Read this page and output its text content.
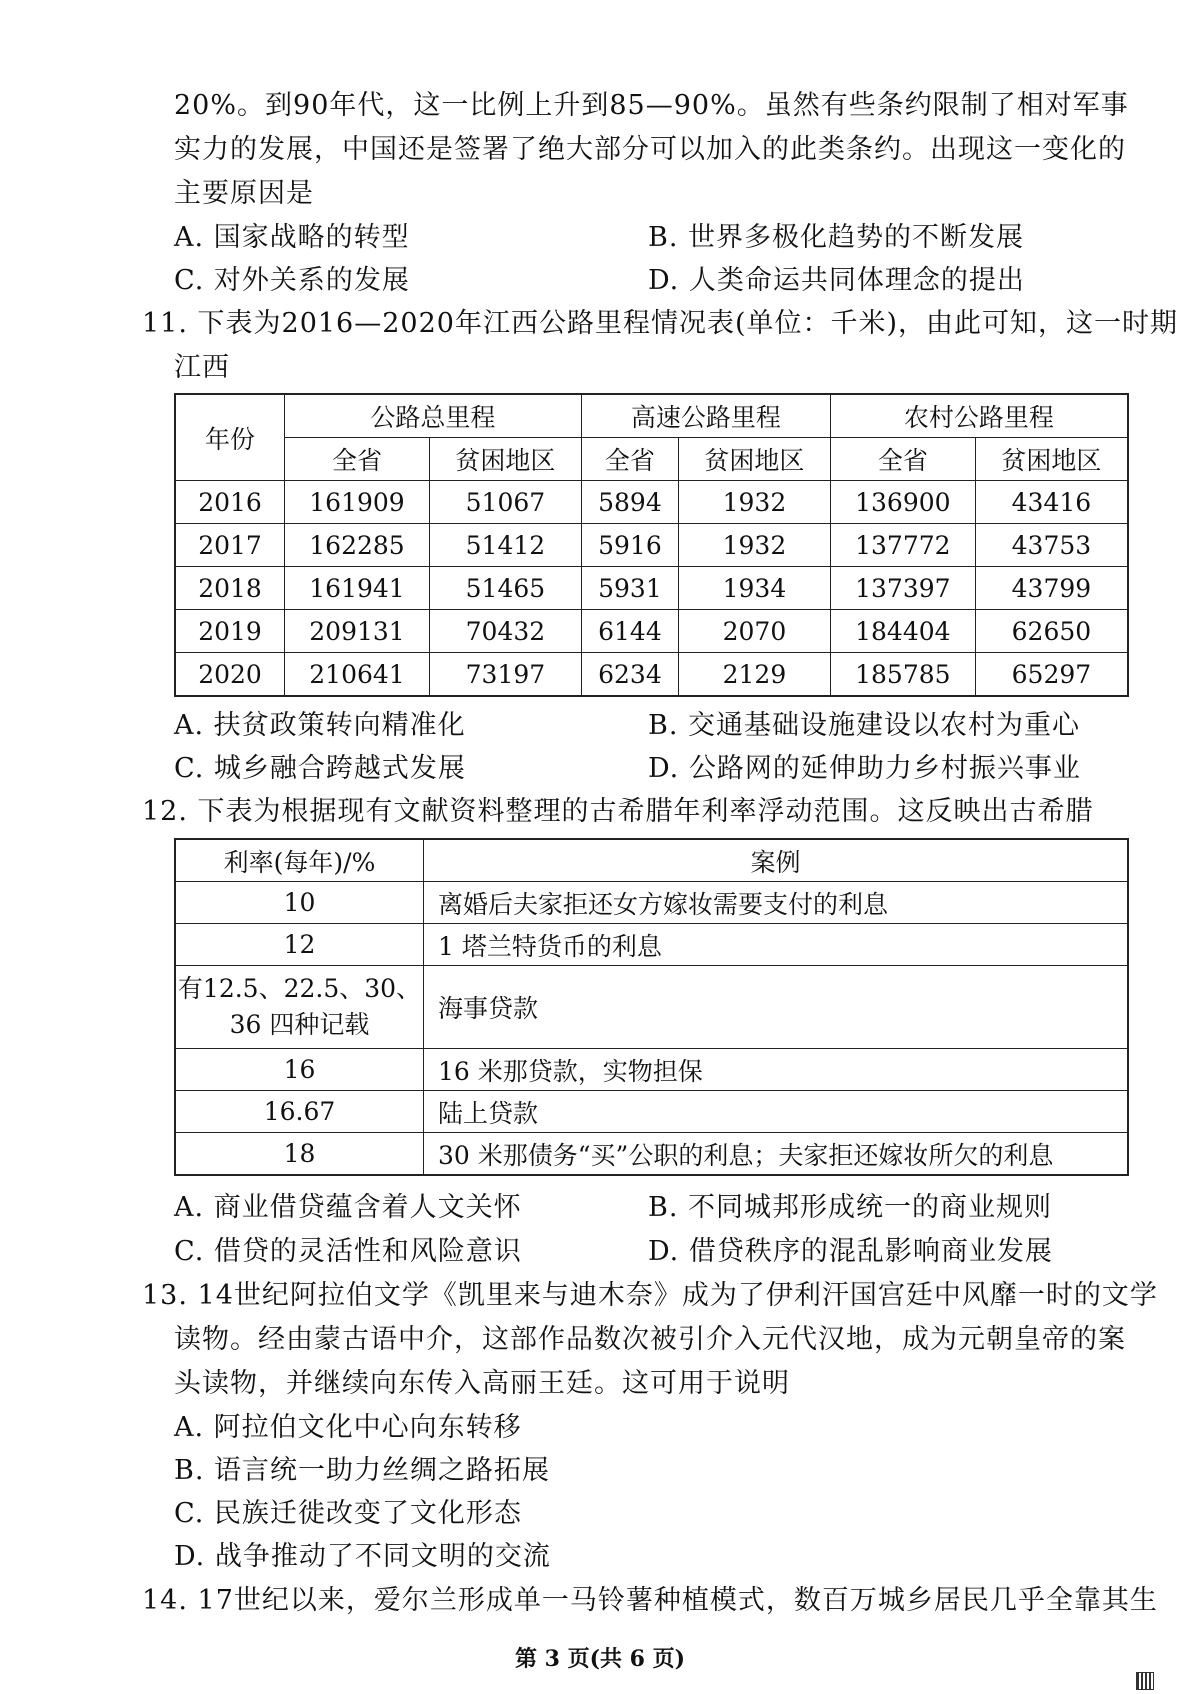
20%。到90年代，这一比例上升到85—90%。虽然有些条约限制了相对军事
实力的发展，中国还是签署了绝大部分可以加入的此类条约。出现这一变化的
主要原因是
A. 国家战略的转型	B. 世界多极化趋势的不断发展
C. 对外关系的发展	D. 人类命运共同体理念的提出
11. 下表为2016—2020年江西公路里程情况表(单位：千米)，由此可知，这一时期
江西
年份	公路总里程		高速公路里程		农村公路里程	
	全省	贫困地区	全省	贫困地区	全省	贫困地区
2016	161909	51067	5894	1932	136900	43416
2017	162285	51412	5916	1932	137772	43753
2018	161941	51465	5931	1934	137397	43799
2019	209131	70432	6144	2070	184404	62650
2020	210641	73197	6234	2129	185785	65297
A. 扶贫政策转向精准化	B. 交通基础设施建设以农村为重心
C. 城乡融合跨越式发展	D. 公路网的延伸助力乡村振兴事业
12. 下表为根据现有文献资料整理的古希腊年利率浮动范围。这反映出古希腊
利率(每年)/%	案例
10	离婚后夫家拒还女方嫁妆需要支付的利息
12	1 塔兰特货币的利息
有12.5、22.5、30、
36 四种记载	海事贷款
16	16 米那贷款，实物担保
16.67	陆上贷款
18	30 米那债务“买”公职的利息；夫家拒还嫁妆所欠的利息
A. 商业借贷蕴含着人文关怀	B. 不同城邦形成统一的商业规则
C. 借贷的灵活性和风险意识	D. 借贷秩序的混乱影响商业发展
13. 14世纪阿拉伯文学《凯里来与迪木奈》成为了伊利汗国宫廷中风靡一时的文学
读物。经由蒙古语中介，这部作品数次被引介入元代汉地，成为元朝皇帝的案
头读物，并继续向东传入高丽王廷。这可用于说明
A. 阿拉伯文化中心向东转移
B. 语言统一助力丝绸之路拓展
C. 民族迁徙改变了文化形态
D. 战争推动了不同文明的交流
14. 17世纪以来，爱尔兰形成单一马铃薯种植模式，数百万城乡居民几乎全靠其生
第 3 页(共 6 页)
